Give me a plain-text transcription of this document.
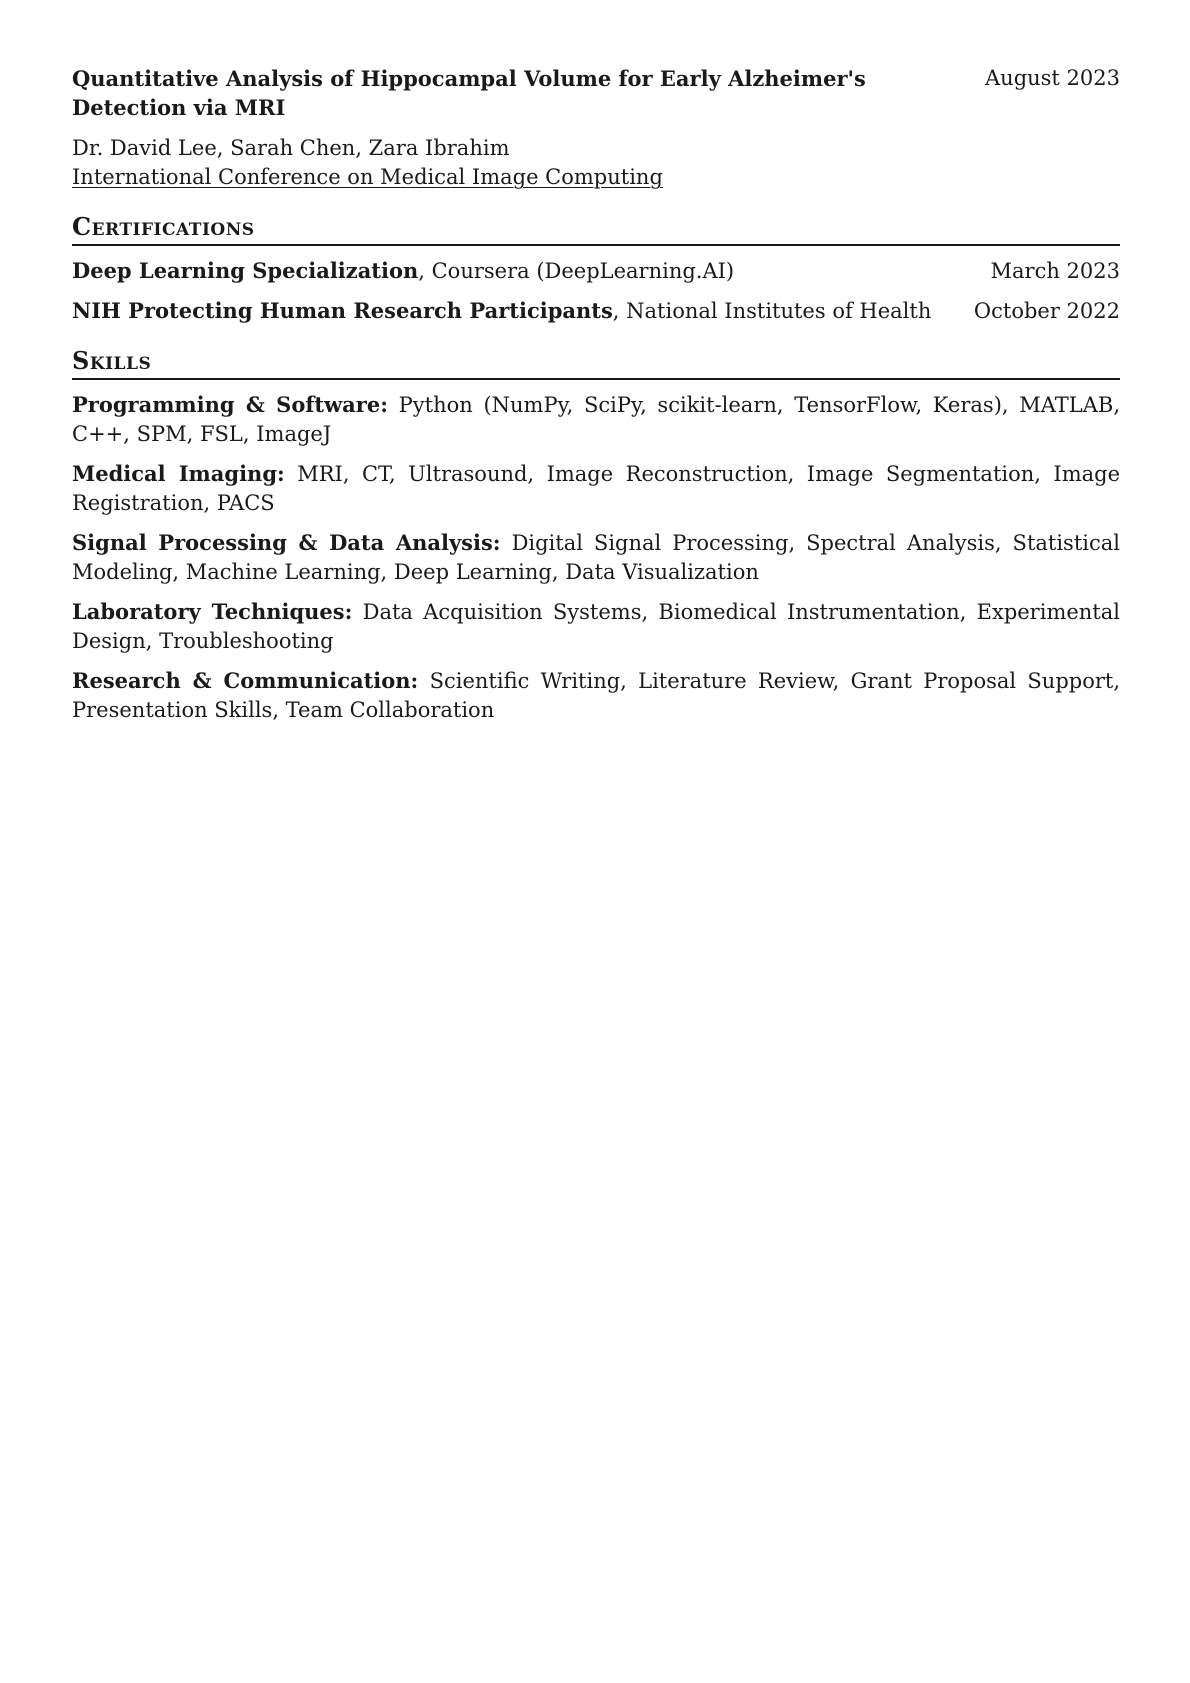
Quantitative Analysis of Hippocampal Volume for Early Alzheimer's Detection via MRI
August 2023
Dr. David Lee, Sarah Chen, Zara Ibrahim
International Conference on Medical Image Computing
Certifications
Deep Learning Specialization, Coursera (DeepLearning.AI)	March 2023
NIH Protecting Human Research Participants, National Institutes of Health October 2022
Skills
Programming & Software: Python (NumPy, SciPy, scikit-learn, TensorFlow, Keras), MATLAB, C++, SPM, FSL, ImageJ
Medical Imaging: MRI, CT, Ultrasound, Image Reconstruction, Image Segmentation, Image Registration, PACS
Signal Processing & Data Analysis: Digital Signal Processing, Spectral Analysis, Statistical Modeling, Machine Learning, Deep Learning, Data Visualization
Laboratory Techniques: Data Acquisition Systems, Biomedical Instrumentation, Experimental Design, Troubleshooting
Research & Communication: Scientific Writing, Literature Review, Grant Proposal Support, Presentation Skills, Team Collaboration
